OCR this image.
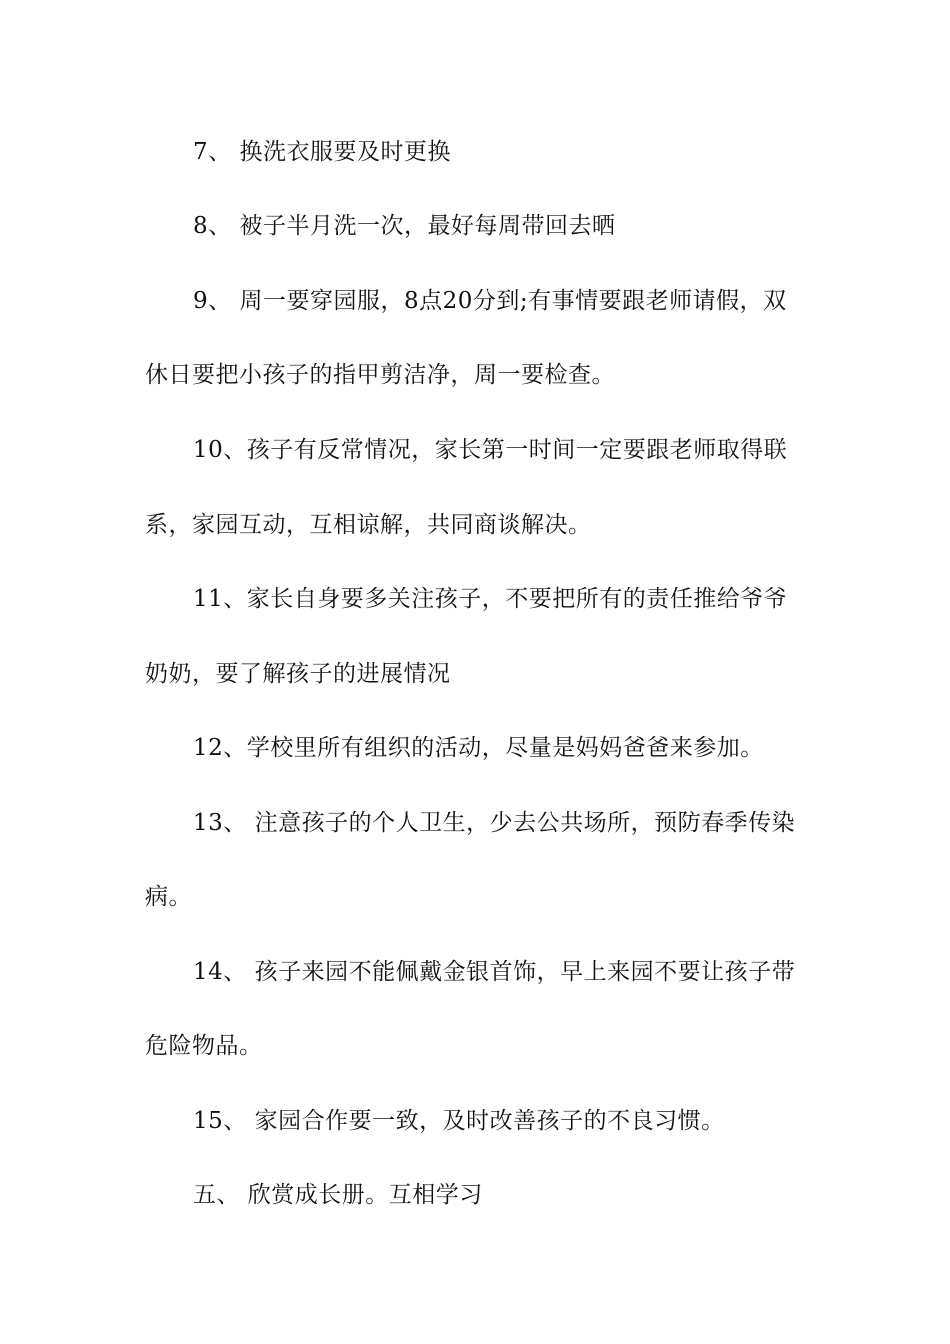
7、 换洗衣服要及时更换
8、 被子半月洗一次，最好每周带回去晒
9、 周一要穿园服，8点20分到;有事情要跟老师请假，双
休日要把小孩子的指甲剪洁净，周一要检查。
10、孩子有反常情况，家长第一时间一定要跟老师取得联
系，家园互动，互相谅解，共同商谈解决。
11、家长自身要多关注孩子，不要把所有的责任推给爷爷
奶奶，要了解孩子的进展情况
12、学校里所有组织的活动，尽量是妈妈爸爸来参加。
13、 注意孩子的个人卫生，少去公共场所，预防春季传染
病。
14、 孩子来园不能佩戴金银首饰，早上来园不要让孩子带
危险物品。
15、 家园合作要一致，及时改善孩子的不良习惯。
五、 欣赏成长册。互相学习
